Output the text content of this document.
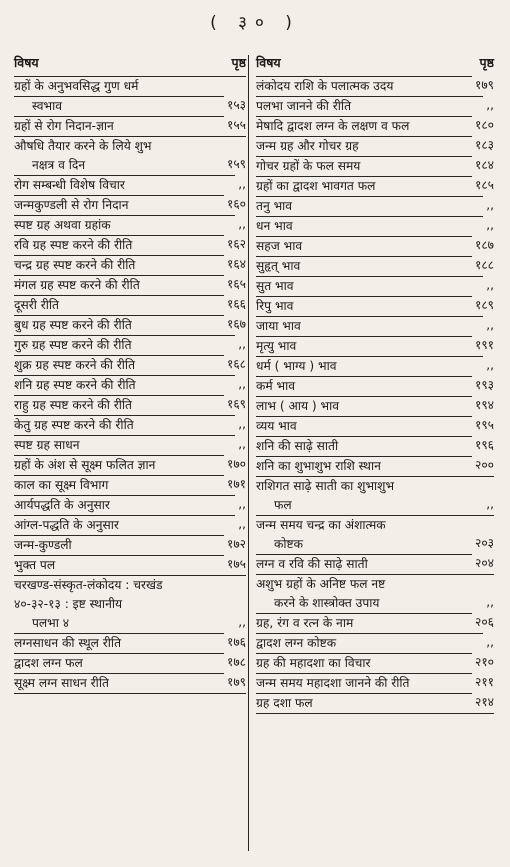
( ३० )
विषय	पृष्ठ
ग्रहों के अनुभवसिद्ध गुण धर्म
स्वभाव	१५३
ग्रहों से रोग निदान-ज्ञान	१५५
औषधि तैयार करने के लिये शुभ
नक्षत्र व दिन	१५९
रोग सम्बन्धी विशेष विचार	,,
जन्मकुण्डली से रोग निदान	१६०
स्पष्ट ग्रह अथवा ग्रहांक	,,
रवि ग्रह स्पष्ट करने की रीति	१६२
चन्द्र ग्रह स्पष्ट करने की रीति	१६४
मंगल ग्रह स्पष्ट करने की रीति	१६५
दूसरी रीति	१६६
बुध ग्रह स्पष्ट करने की रीति	१६७
गुरु ग्रह स्पष्ट करने की रीति	,,
शुक्र ग्रह स्पष्ट करने की रीति	१६८
शनि ग्रह स्पष्ट करने की रीति	,,
राहु ग्रह स्पष्ट करने की रीति	१६९
केतु ग्रह स्पष्ट करने की रीति	,,
स्पष्ट ग्रह साधन	,,
ग्रहों के अंश से सूक्ष्म फलित ज्ञान	१७०
काल का सूक्ष्म विभाग	१७१
आर्यपद्धति के अनुसार	,,
आंग्ल-पद्धति के अनुसार	,,
जन्म-कुण्डली	१७२
भुक्त पल	१७५
चरखण्ड-संस्कृत-लंकोदय : चरखंड
४०-३२-१३ : इष्ट स्थानीय
पलभा ४	,,
लग्नसाधन की स्थूल रीति	१७६
द्वादश लग्न फल	१७८
सूक्ष्म लग्न साधन रीति	१७९
विषय	पृष्ठ
लंकोदय राशि के पलात्मक उदय	१७९
पलभा जानने की रीति	,,
मेषादि द्वादश लग्न के लक्षण व फल	१८०
जन्म ग्रह और गोचर ग्रह	१८३
गोचर ग्रहों के फल समय	१८४
ग्रहों का द्वादश भावगत फल	१८५
तनु भाव	,,
धन भाव	,,
सहज भाव	१८७
सुहृत् भाव	१८८
सुत भाव	,,
रिपु भाव	१८९
जाया भाव	,,
मृत्यु भाव	१९१
धर्म ( भाग्य ) भाव	,,
कर्म भाव	१९३
लाभ ( आय ) भाव	१९४
व्यय भाव	१९५
शनि की साढ़े साती	१९६
शनि का शुभाशुभ राशि स्थान	२००
राशिगत साढ़े साती का शुभाशुभ
फल	,,
जन्म समय चन्द्र का अंशात्मक
कोष्टक	२०३
लग्न व रवि की साढ़े साती	२०४
अशुभ ग्रहों के अनिष्ट फल नष्ट
करने के शास्त्रोक्त उपाय	,,
ग्रह, रंग व रत्न के नाम	२०६
द्वादश लग्न कोष्टक	,,
ग्रह की महादशा का विचार	२१०
जन्म समय महादशा जानने की रीति	२११
ग्रह दशा फल	२१४
